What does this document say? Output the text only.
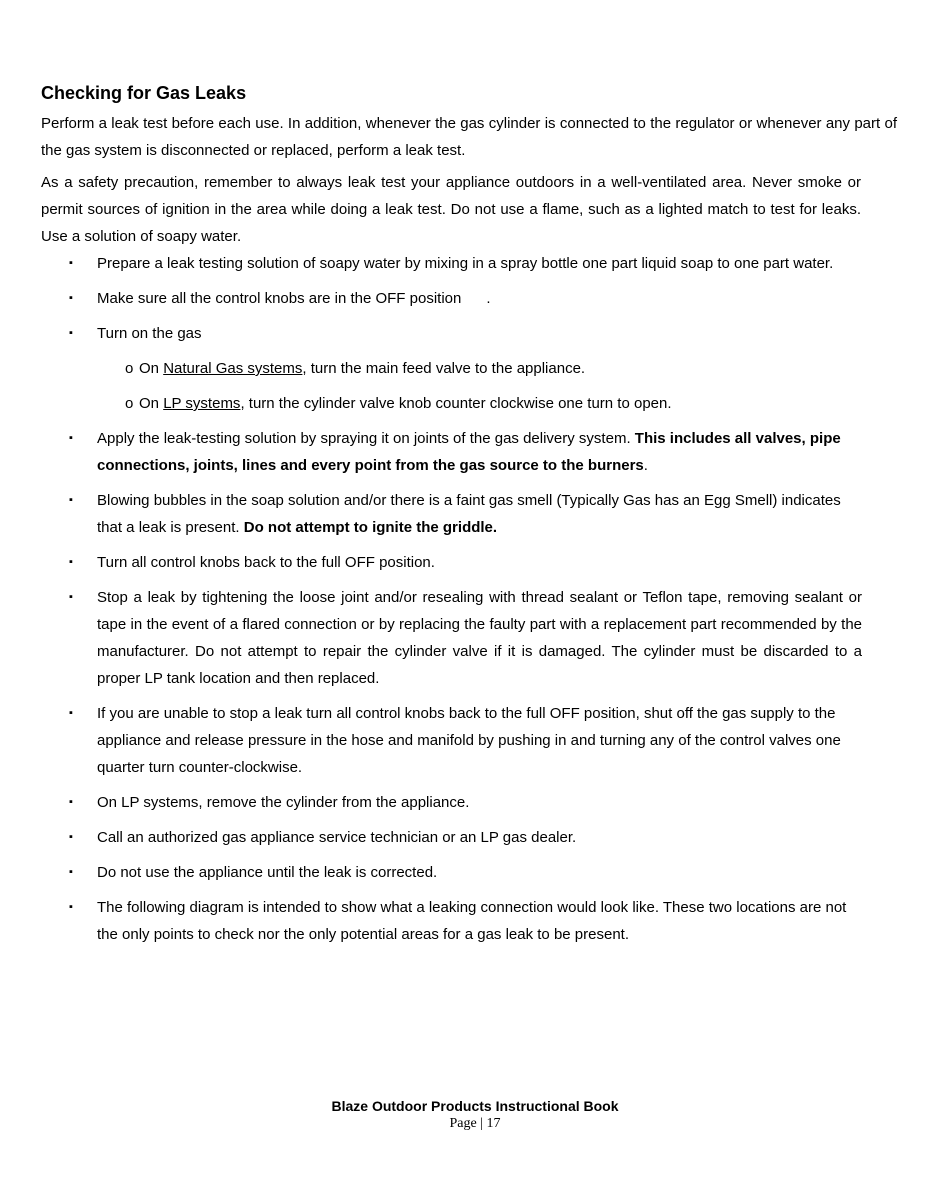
Checking for Gas Leaks

Perform a leak test before each use. In addition, whenever the gas cylinder is connected to the regulator or whenever any part of the gas system is disconnected or replaced, perform a leak test.

As a safety precaution, remember to always leak test your appliance outdoors in a well-ventilated area. Never smoke or permit sources of ignition in the area while doing a leak test. Do not use a flame, such as a lighted match to test for leaks. Use a solution of soapy water.

▪ Prepare a leak testing solution of soapy water by mixing in a spray bottle one part liquid soap to one part water.
▪ Make sure all the control knobs are in the OFF position      .
▪ Turn on the gas
o On Natural Gas systems, turn the main feed valve to the appliance.
o On LP systems, turn the cylinder valve knob counter clockwise one turn to open.
▪ Apply the leak-testing solution by spraying it on joints of the gas delivery system. This includes all valves, pipe connections, joints, lines and every point from the gas source to the burners.
▪ Blowing bubbles in the soap solution and/or there is a faint gas smell (Typically Gas has an Egg Smell) indicates that a leak is present. Do not attempt to ignite the griddle.
▪ Turn all control knobs back to the full OFF position.
▪ Stop a leak by tightening the loose joint and/or resealing with thread sealant or Teflon tape, removing sealant or tape in the event of a flared connection or by replacing the faulty part with a replacement part recommended by the manufacturer. Do not attempt to repair the cylinder valve if it is damaged. The cylinder must be discarded to a proper LP tank location and then replaced.
▪ If you are unable to stop a leak turn all control knobs back to the full OFF position, shut off the gas supply to the appliance and release pressure in the hose and manifold by pushing in and turning any of the control valves one quarter turn counter-clockwise.
▪ On LP systems, remove the cylinder from the appliance.
▪ Call an authorized gas appliance service technician or an LP gas dealer.
▪ Do not use the appliance until the leak is corrected.
▪ The following diagram is intended to show what a leaking connection would look like. These two locations are not the only points to check nor the only potential areas for a gas leak to be present.
Blaze Outdoor Products Instructional Book
Page | 17
